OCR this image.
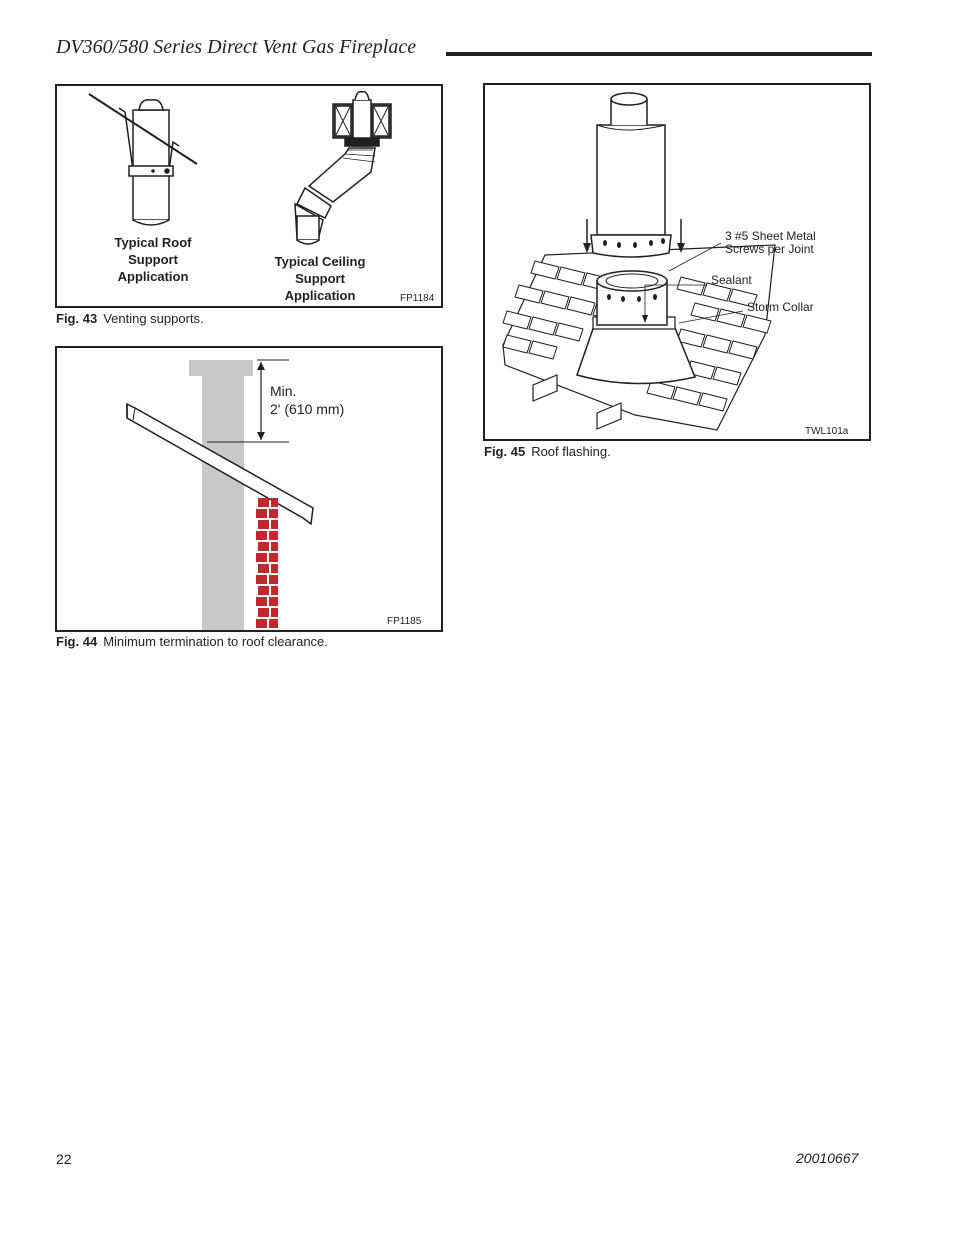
DV360/580 Series Direct Vent Gas Fireplace
Typical Roof
Support
Application
Typical Ceiling
Support
Application	FP1184
Fig. 43 Venting supports.
Min.
2' (610 mm)
FP1185
Fig. 44 Minimum termination to roof clearance.
3 #5 Sheet Metal
Screws per Joint
Sealant
Storm Collar
TWL101a
Fig. 45 Roof flashing.
22	20010667
